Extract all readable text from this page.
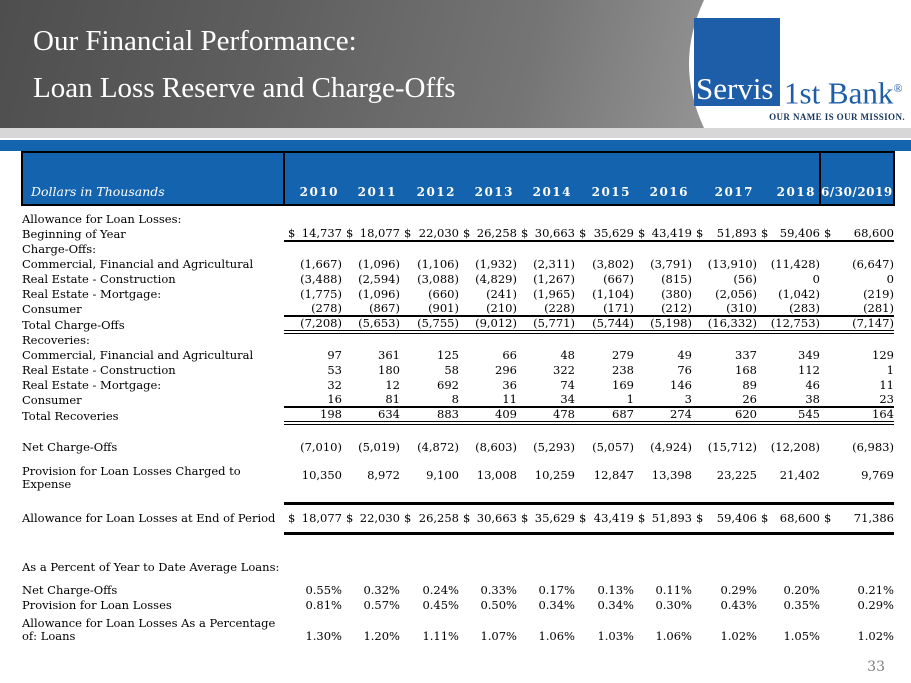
Our Financial Performance:
Loan Loss Reserve and Charge-Offs	Servis 1st Bank®
OUR NAME IS OUR MISSION.
Dollars in Thousands	2010	2011	2012	2013	2014	2015	2016	2017	2018	6/30/2019

Allowance for Loan Losses:										
Beginning of Year	$ 14,737	$ 18,077	$ 22,030	$ 26,258	$ 30,663	$ 35,629	$ 43,419	$ 51,893	$ 59,406	$ 68,600

Charge-Offs:										
Commercial, Financial and Agricultural	(1,667)	(1,096)	(1,106)	(1,932)	(2,311)	(3,802)	(3,791)	(13,910)	(11,428)	(6,647)
Real Estate - Construction	(3,488)	(2,594)	(3,088)	(4,829)	(1,267)	(667)	(815)	(56)	0	0
Real Estate - Mortgage:	(1,775)	(1,096)	(660)	(241)	(1,965)	(1,104)	(380)	(2,056)	(1,042)	(219)
Consumer	(278)	(867)	(901)	(210)	(228)	(171)	(212)	(310)	(283)	(281)
Total Charge-Offs	(7,208)	(5,653)	(5,755)	(9,012)	(5,771)	(5,744)	(5,198)	(16,332)	(12,753)	(7,147)
Recoveries:										
Commercial, Financial and Agricultural	97	361	125	66	48	279	49	337	349	129
Real Estate - Construction	53	180	58	296	322	238	76	168	112	1
Real Estate - Mortgage:	32	12	692	36	74	169	146	89	46	11
Consumer	16	81	8	11	34	1	3	26	38	23
Total Recoveries	198	634	883	409	478	687	274	620	545	164

Net Charge-Offs	(7,010)	(5,019)	(4,872)	(8,603)	(5,293)	(5,057)	(4,924)	(15,712)	(12,208)	(6,983)

Provision for Loan Losses Charged to
Expense	10,350	8,972	9,100	13,008	10,259	12,847	13,398	23,225	21,402	9,769

Allowance for Loan Losses at End of Period	$ 18,077	$ 22,030	$ 26,258	$ 30,663	$ 35,629	$ 43,419	$ 51,893	$ 59,406	$ 68,600	$ 71,386

As a Percent of Year to Date Average Loans:										

Net Charge-Offs	0.55%	0.32%	0.24%	0.33%	0.17%	0.13%	0.11%	0.29%	0.20%	0.21%
Provision for Loan Losses	0.81%	0.57%	0.45%	0.50%	0.34%	0.34%	0.30%	0.43%	0.35%	0.29%

Allowance for Loan Losses As a Percentage
of: Loans	1.30%	1.20%	1.11%	1.07%	1.06%	1.03%	1.06%	1.02%	1.05%	1.02%
33
